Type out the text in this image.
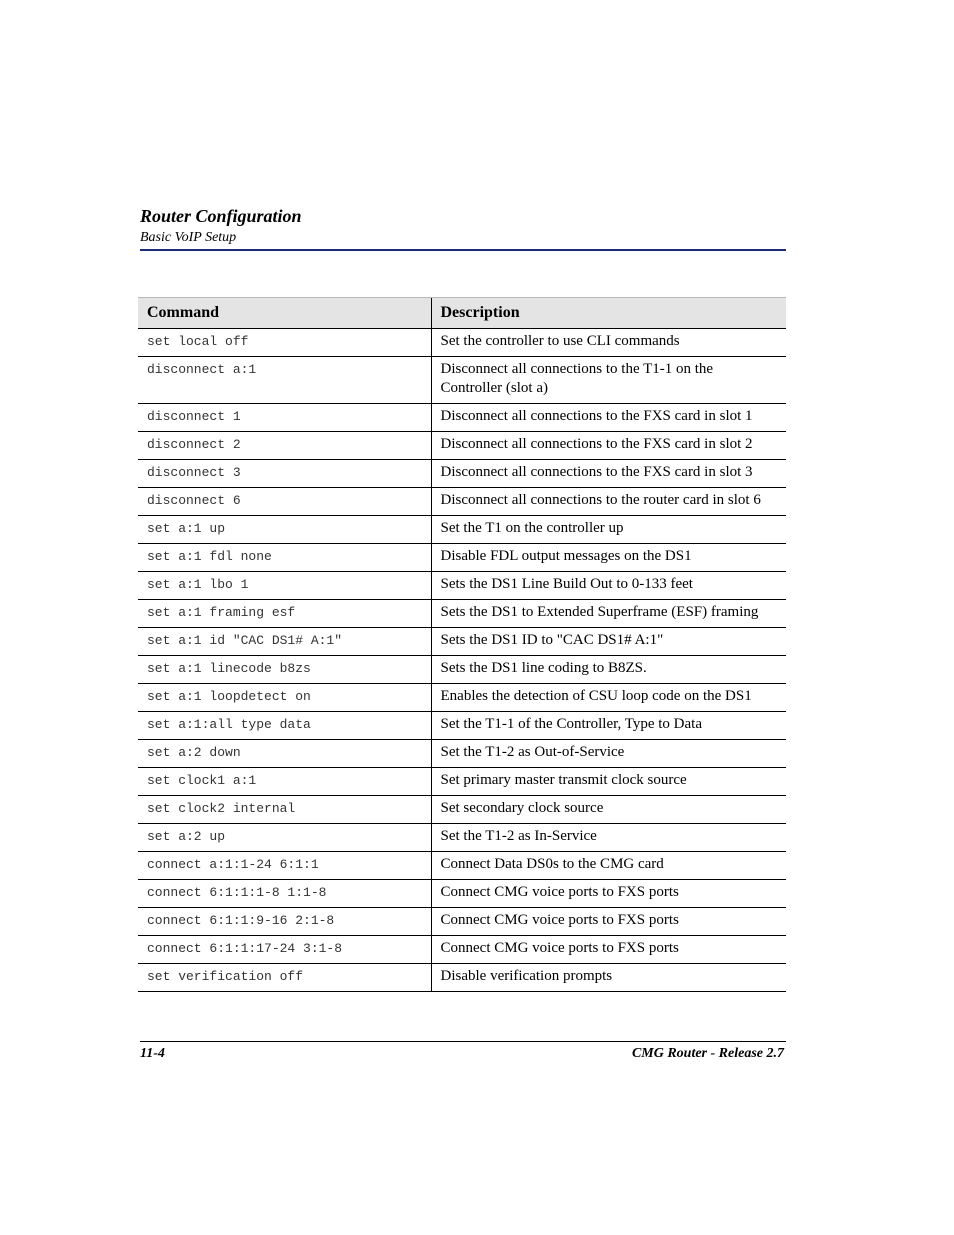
Router Configuration
Basic VoIP Setup
Command	Description
set local off	Set the controller to use CLI commands
disconnect a:1	Disconnect all connections to the T1-1 on the Controller (slot a)
disconnect 1	Disconnect all connections to the FXS card in slot 1
disconnect 2	Disconnect all connections to the FXS card in slot 2
disconnect 3	Disconnect all connections to the FXS card in slot 3
disconnect 6	Disconnect all connections to the router card in slot 6
set a:1 up	Set the T1 on the controller up
set a:1 fdl none	Disable FDL output messages on the DS1
set a:1 lbo 1	Sets the DS1 Line Build Out to 0-133 feet
set a:1 framing esf	Sets the DS1 to Extended Superframe (ESF) framing
set a:1 id "CAC DS1# A:1"	Sets the DS1 ID to "CAC DS1# A:1"
set a:1 linecode b8zs	Sets the DS1 line coding to B8ZS.
set a:1 loopdetect on	Enables the detection of CSU loop code on the DS1
set a:1:all type data	Set the T1-1 of the Controller, Type to Data
set a:2 down	Set the T1-2 as Out-of-Service
set clock1 a:1	Set primary master transmit clock source
set clock2 internal	Set secondary clock source
set a:2 up	Set the T1-2 as In-Service
connect a:1:1-24 6:1:1	Connect Data DS0s to the CMG card
connect 6:1:1:1-8 1:1-8	Connect CMG voice ports to FXS ports
connect 6:1:1:9-16 2:1-8	Connect CMG voice ports to FXS ports
connect 6:1:1:17-24 3:1-8	Connect CMG voice ports to FXS ports
set verification off	Disable verification prompts
11-4	CMG Router - Release 2.7
